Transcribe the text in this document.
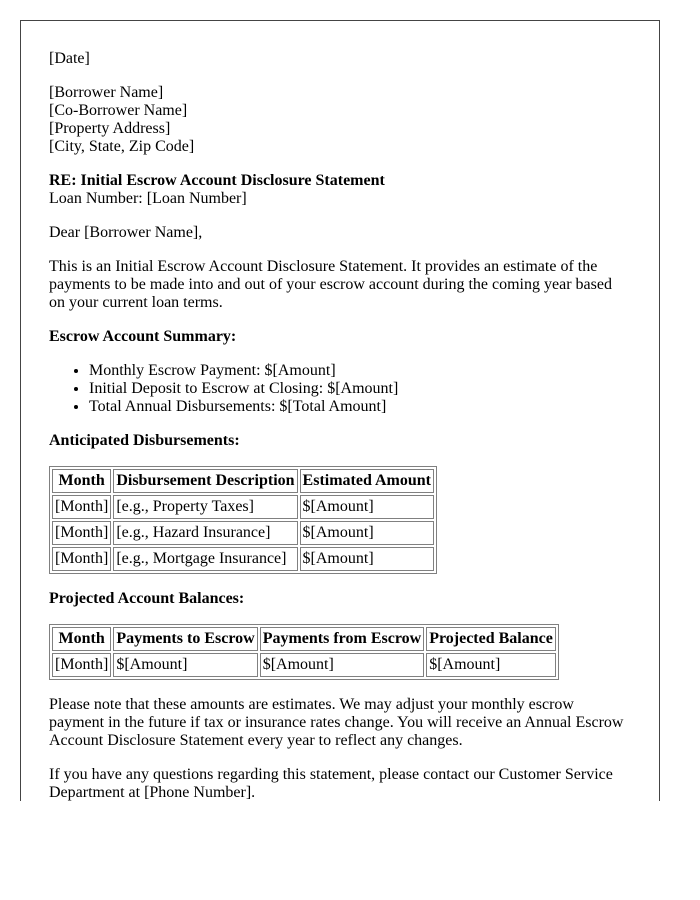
[Date]

[Borrower Name]
[Co-Borrower Name]
[Property Address]
[City, State, Zip Code]

RE: Initial Escrow Account Disclosure Statement
Loan Number: [Loan Number]

Dear [Borrower Name],

This is an Initial Escrow Account Disclosure Statement. It provides an estimate of the payments to be made into and out of your escrow account during the coming year based on your current loan terms.

Escrow Account Summary:

• Monthly Escrow Payment: $[Amount]
• Initial Deposit to Escrow at Closing: $[Amount]
• Total Annual Disbursements: $[Total Amount]

Anticipated Disbursements:

Month	Disbursement Description	Estimated Amount
[Month]	[e.g., Property Taxes]	$[Amount]
[Month]	[e.g., Hazard Insurance]	$[Amount]
[Month]	[e.g., Mortgage Insurance]	$[Amount]

Projected Account Balances:

Month	Payments to Escrow	Payments from Escrow	Projected Balance
[Month]	$[Amount]	$[Amount]	$[Amount]

Please note that these amounts are estimates. We may adjust your monthly escrow payment in the future if tax or insurance rates change. You will receive an Annual Escrow Account Disclosure Statement every year to reflect any changes.

If you have any questions regarding this statement, please contact our Customer Service Department at [Phone Number].
